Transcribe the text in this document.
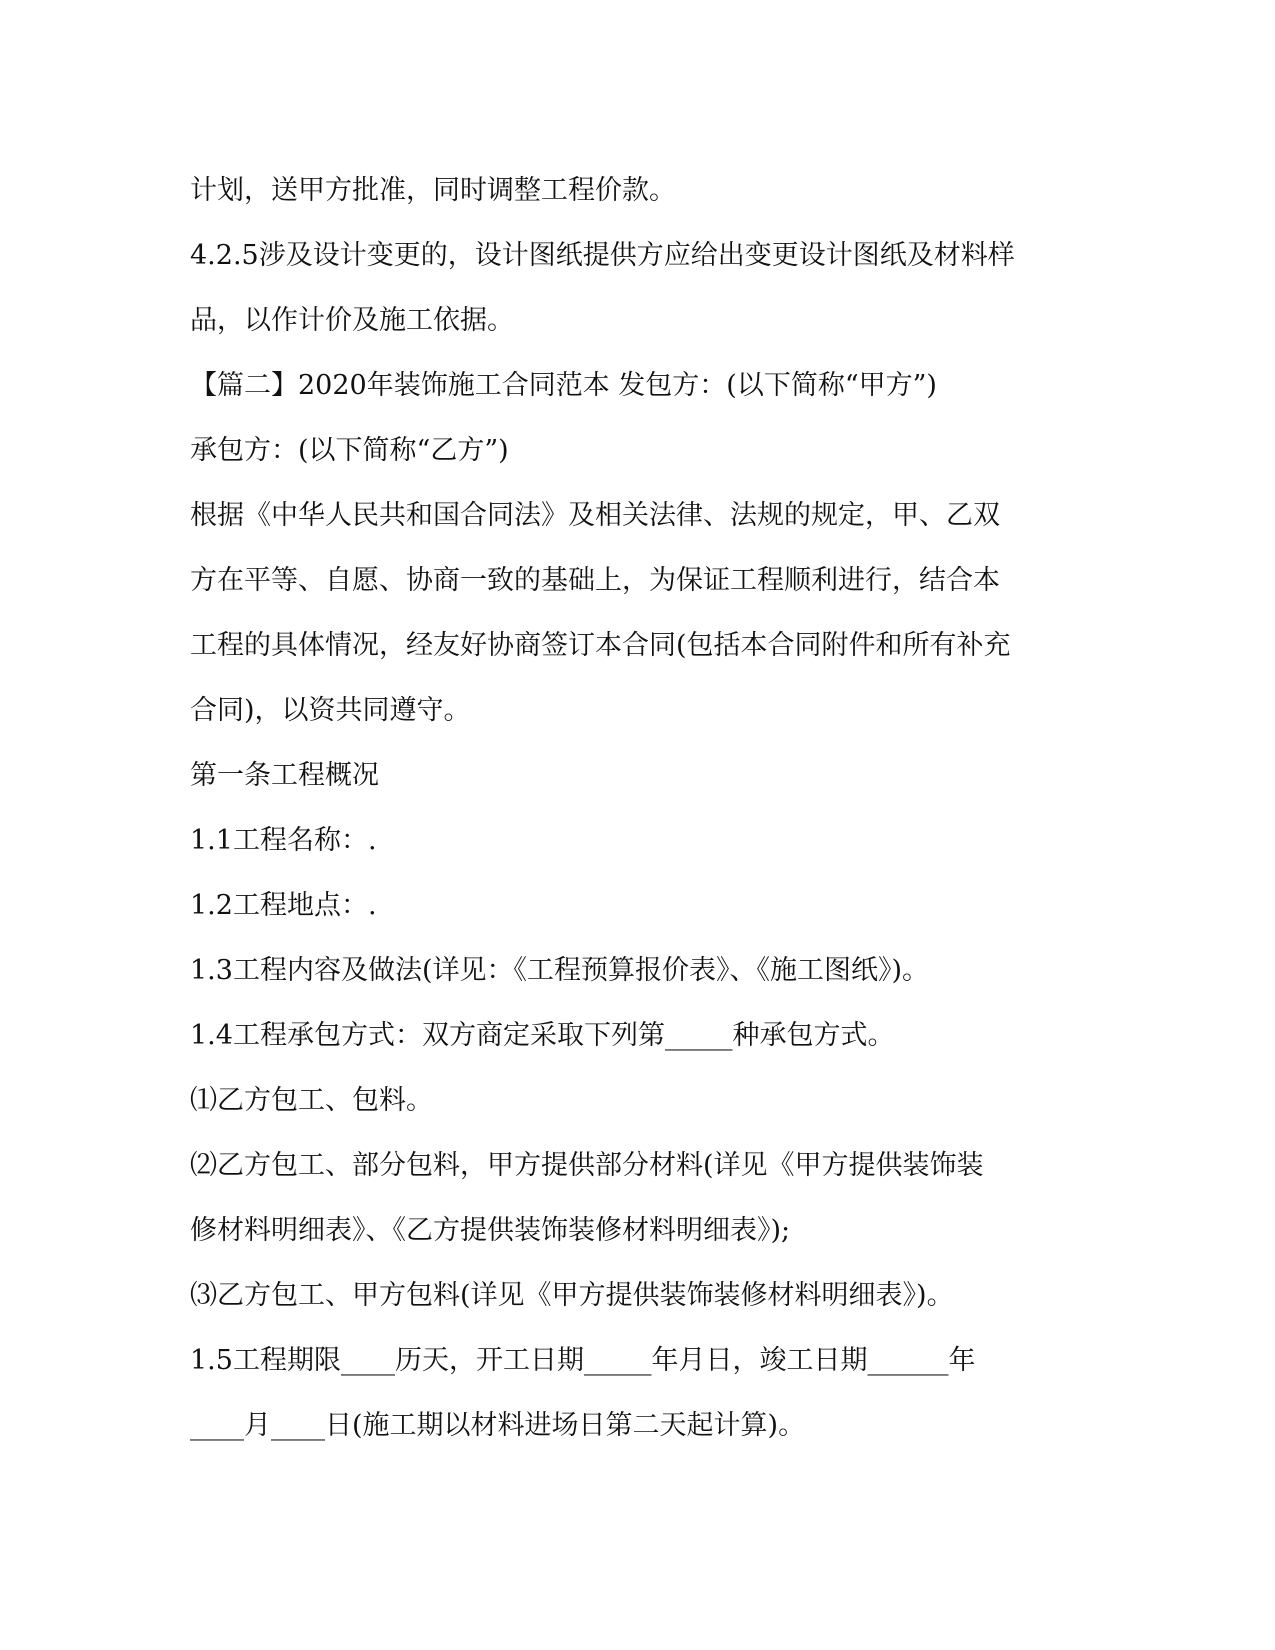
计划，送甲方批准，同时调整工程价款。
4.2.5涉及设计变更的，设计图纸提供方应给出变更设计图纸及材料样
品，以作计价及施工依据。
【篇二】2020年装饰施工合同范本 发包方：(以下简称“甲方”)
承包方：(以下简称“乙方”)
根据《中华人民共和国合同法》及相关法律、法规的规定，甲、乙双
方在平等、自愿、协商一致的基础上，为保证工程顺利进行，结合本
工程的具体情况，经友好协商签订本合同(包括本合同附件和所有补充
合同)，以资共同遵守。
第一条工程概况
1.1工程名称：.
1.2工程地点：.
1.3工程内容及做法(详见：《工程预算报价表》、《施工图纸》)。
1.4工程承包方式：双方商定采取下列第_____种承包方式。
⑴乙方包工、包料。
⑵乙方包工、部分包料，甲方提供部分材料(详见《甲方提供装饰装
修材料明细表》、《乙方提供装饰装修材料明细表》);
⑶乙方包工、甲方包料(详见《甲方提供装饰装修材料明细表》)。
1.5工程期限____历天，开工日期_____年月日，竣工日期______年
____月____日(施工期以材料进场日第二天起计算)。
